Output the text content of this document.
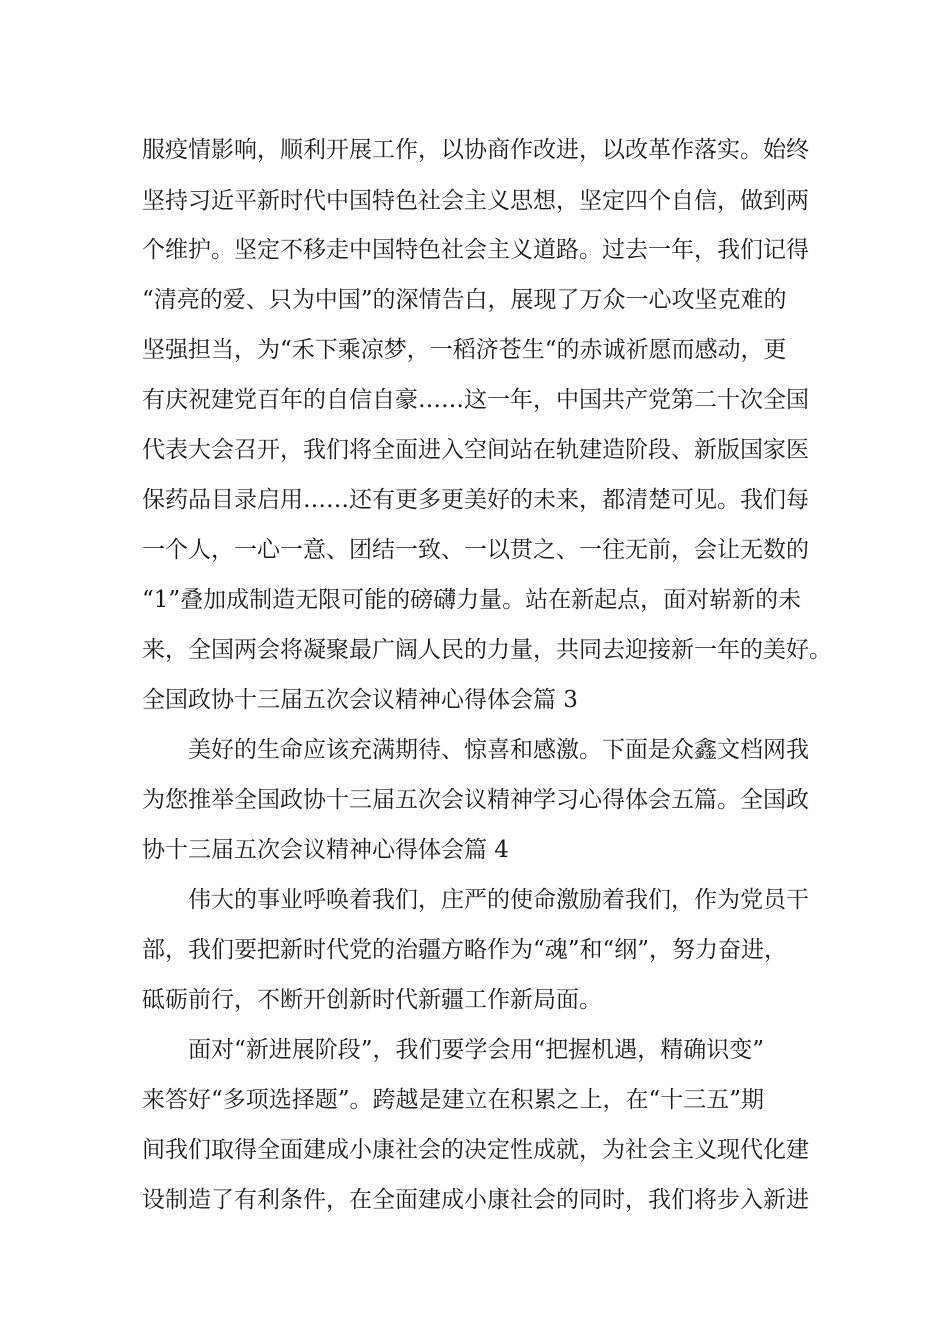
服疫情影响，顺利开展工作，以协商作改进，以改革作落实。始终
坚持习近平新时代中国特色社会主义思想，坚定四个自信，做到两
个维护。坚定不移走中国特色社会主义道路。过去一年，我们记得
“清亮的爱、只为中国”的深情告白，展现了万众一心攻坚克难的
坚强担当，为“禾下乘凉梦，一稻济苍生“的赤诚祈愿而感动，更
有庆祝建党百年的自信自豪……这一年，中国共产党第二十次全国
代表大会召开，我们将全面进入空间站在轨建造阶段、新版国家医
保药品目录启用……还有更多更美好的未来，都清楚可见。我们每
一个人，一心一意、团结一致、一以贯之、一往无前，会让无数的
“1”叠加成制造无限可能的磅礴力量。站在新起点，面对崭新的未
来，全国两会将凝聚最广阔人民的力量，共同去迎接新一年的美好。
全国政协十三届五次会议精神心得体会篇 3
美好的生命应该充满期待、惊喜和感激。下面是众鑫文档网我
为您推举全国政协十三届五次会议精神学习心得体会五篇。全国政
协十三届五次会议精神心得体会篇 4
伟大的事业呼唤着我们，庄严的使命激励着我们，作为党员干
部，我们要把新时代党的治疆方略作为“魂”和“纲”，努力奋进，
砥砺前行，不断开创新时代新疆工作新局面。
面对“新进展阶段”，我们要学会用“把握机遇，精确识变”
来答好“多项选择题”。跨越是建立在积累之上，在“十三五”期
间我们取得全面建成小康社会的决定性成就，为社会主义现代化建
设制造了有利条件，在全面建成小康社会的同时，我们将步入新进
